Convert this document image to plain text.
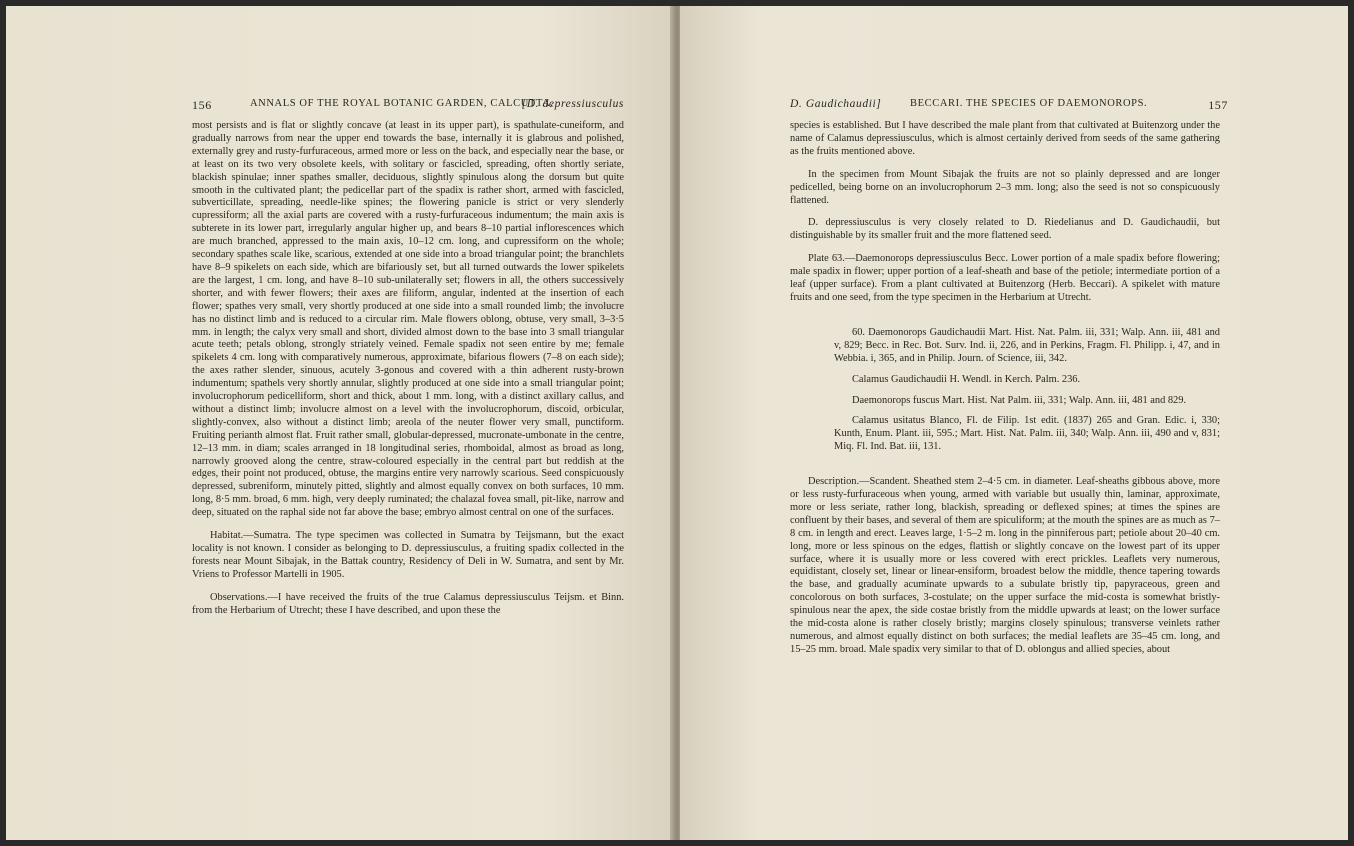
156	ANNALS OF THE ROYAL BOTANIC GARDEN, CALCUTTA.
[D. depressiusculus

most persists and is flat or slightly concave (at least in its upper part), is spathulate-cuneiform, and gradually narrows from near the upper end towards the base, internally it is glabrous and polished, externally grey and rusty-furfuraceous, armed more or less on the back, and especially near the base, or at least on its two very obsolete keels, with solitary or fascicled, spreading, often shortly seriate, blackish spinulae; inner spathes smaller, deciduous, slightly spinulous along the dorsum but quite smooth in the cultivated plant; the pedicellar part of the spadix is rather short, armed with fascicled, subverticillate, spreading, needle-like spines; the flowering panicle is strict or very slenderly cupressiform; all the axial parts are covered with a rusty-furfuraceous indumentum; the main axis is subterete in its lower part, irregularly angular higher up, and bears 8–10 partial inflorescences which are much branched, appressed to the main axis, 10–12 cm. long, and cupressiform on the whole; secondary spathes scale like, scarious, extended at one side into a broad triangular point; the branchlets have 8–9 spikelets on each side, which are bifariously set, but all turned outwards the lower spikelets are the largest, 1 cm. long, and have 8–10 sub-unilaterally set; flowers in all, the others successively shorter, and with fewer flowers; their axes are filiform, angular, indented at the insertion of each flower; spathes very small, very shortly produced at one side into a small rounded limb; the involucre has no distinct limb and is reduced to a circular rim. Male flowers oblong, obtuse, very small, 3–3·5 mm. in length; the calyx very small and short, divided almost down to the base into 3 small triangular acute teeth; petals oblong, strongly striately veined. Female spadix not seen entire by me; female spikelets 4 cm. long with comparatively numerous, approximate, bifarious flowers (7–8 on each side); the axes rather slender, sinuous, acutely 3-gonous and covered with a thin adherent rusty-brown indumentum; spathels very shortly annular, slightly produced at one side into a small triangular point; involucrophorum pedicelliform, short and thick, about 1 mm. long, with a distinct axillary callus, and without a distinct limb; involucre almost on a level with the involucrophorum, discoid, orbicular, slightly-convex, also without a distinct limb; areola of the neuter flower very small, punctiform. Fruiting perianth almost flat. Fruit rather small, globular-depressed, mucronate-umbonate in the centre, 12–13 mm. in diam; scales arranged in 18 longitudinal series, rhomboidal, almost as broad as long, narrowly grooved along the centre, straw-coloured especially in the central part but reddish at the edges, their point not produced, obtuse, the margins entire very narrowly scarious. Seed conspicuously depressed, subreniform, minutely pitted, slightly and almost equally convex on both surfaces, 10 mm. long, 8·5 mm. broad, 6 mm. high, very deeply ruminated; the chalazal fovea small, pit-like, narrow and deep, situated on the raphal side not far above the base; embryo almost central on one of the surfaces.

Habitat.—Sumatra. The type specimen was collected in Sumatra by Teijsmann, but the exact locality is not known. I consider as belonging to D. depressiusculus, a fruiting spadix collected in the forests near Mount Sibajak, in the Battak country, Residency of Deli in W. Sumatra, and sent by Mr. Vriens to Professor Martelli in 1905.

Observations.—I have received the fruits of the true Calamus depressiusculus Teijsm. et Binn. from the Herbarium of Utrecht; these I have described, and upon these the

D. Gaudichaudii]	BECCARI. THE SPECIES OF DAEMONOROPS.	157

species is established. But I have described the male plant from that cultivated at Buitenzorg under the name of Calamus depressiusculus, which is almost certainly derived from seeds of the same gathering as the fruits mentioned above.

In the specimen from Mount Sibajak the fruits are not so plainly depressed and are longer pedicelled, being borne on an involucrophorum 2–3 mm. long; also the seed is not so conspicuously flattened.

D. depressiusculus is very closely related to D. Riedelianus and D. Gaudichaudii, but distinguishable by its smaller fruit and the more flattened seed.

Plate 63.—Daemonorops depressiusculus Becc. Lower portion of a male spadix before flowering; male spadix in flower; upper portion of a leaf-sheath and base of the petiole; intermediate portion of a leaf (upper surface). From a plant cultivated at Buitenzorg (Herb. Beccari). A spikelet with mature fruits and one seed, from the type specimen in the Herbarium at Utrecht.

60. Daemonorops Gaudichaudii Mart. Hist. Nat. Palm. iii, 331; Walp. Ann. iii, 481 and v, 829; Becc. in Rec. Bot. Surv. Ind. ii, 226, and in Perkins, Fragm. Fl. Philipp. i, 47, and in Webbia. i, 365, and in Philip. Journ. of Science, iii, 342.

Calamus Gaudichaudii H. Wendl. in Kerch. Palm. 236.

Daemonorops fuscus Mart. Hist. Nat Palm. iii, 331; Walp. Ann. iii, 481 and 829.

Calamus usitatus Blanco, Fl. de Filip. 1st edit. (1837) 265 and Gran. Edic. i, 330; Kunth, Enum. Plant. iii, 595.; Mart. Hist. Nat. Palm. iii, 340; Walp. Ann. iii, 490 and v, 831; Miq. Fl. Ind. Bat. iii, 131.

Description.—Scandent. Sheathed stem 2–4·5 cm. in diameter. Leaf-sheaths gibbous above, more or less rusty-furfuraceous when young, armed with variable but usually thin, laminar, approximate, more or less seriate, rather long, blackish, spreading or deflexed spines; at times the spines are confluent by their bases, and several of them are spiculiform; at the mouth the spines are as much as 7–8 cm. in length and erect. Leaves large, 1·5–2 m. long in the pinniferous part; petiole about 20–40 cm. long, more or less spinous on the edges, flattish or slightly concave on the lowest part of its upper surface, where it is usually more or less covered with erect prickles. Leaflets very numerous, equidistant, closely set, linear or linear-ensiform, broadest below the middle, thence tapering towards the base, and gradually acuminate upwards to a subulate bristly tip, papyraceous, green and concolorous on both surfaces, 3-costulate; on the upper surface the mid-costa is somewhat bristly-spinulous near the apex, the side costae bristly from the middle upwards at least; on the lower surface the mid-costa alone is rather closely bristly; margins closely spinulous; transverse veinlets rather numerous, and almost equally distinct on both surfaces; the medial leaflets are 35–45 cm. long, and 15–25 mm. broad. Male spadix very similar to that of D. oblongus and allied species, about
